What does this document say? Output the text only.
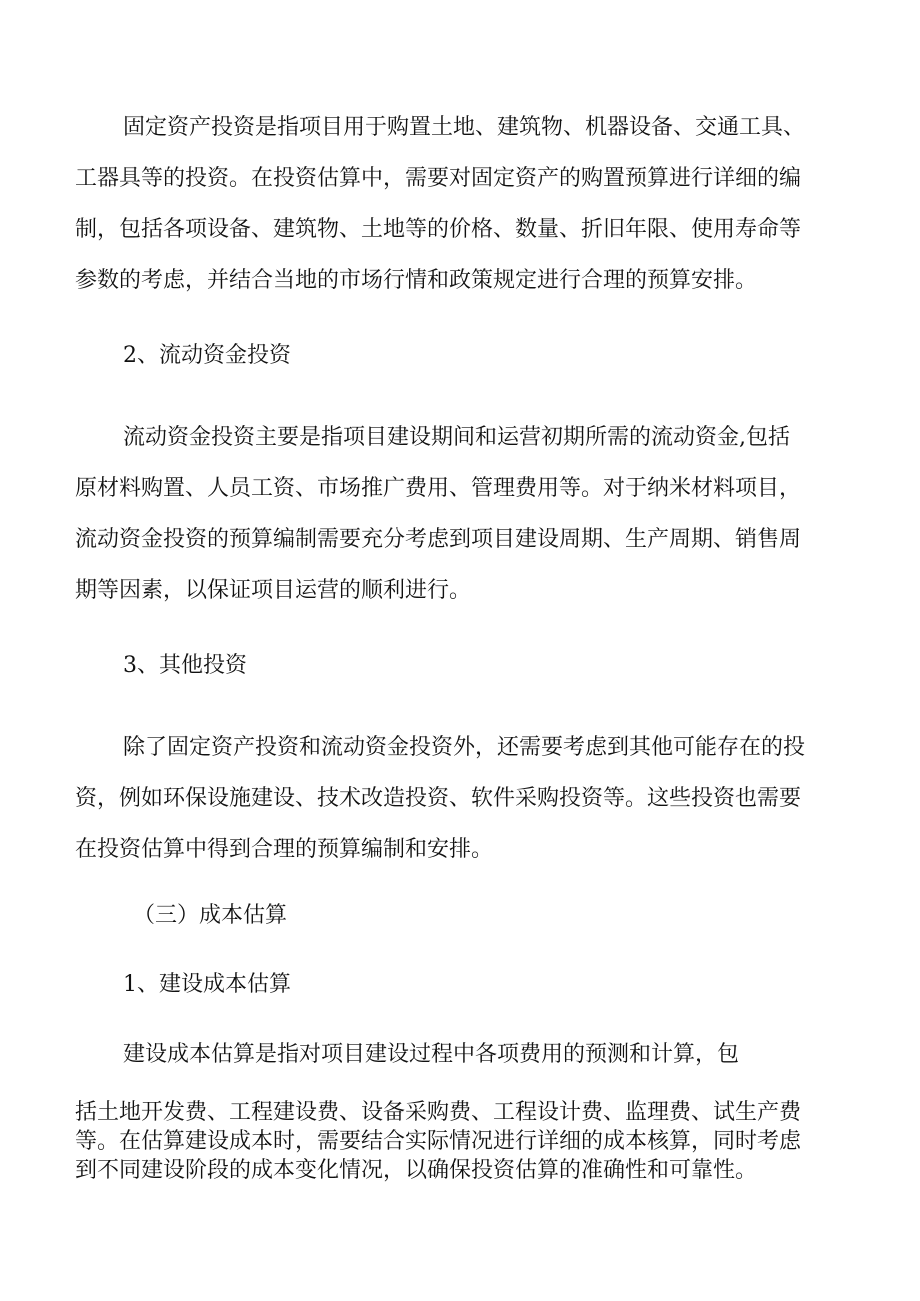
固定资产投资是指项目用于购置土地、建筑物、机器设备、交通工具、
工器具等的投资。在投资估算中，需要对固定资产的购置预算进行详细的编
制，包括各项设备、建筑物、土地等的价格、数量、折旧年限、使用寿命等
参数的考虑，并结合当地的市场行情和政策规定进行合理的预算安排。
2、流动资金投资
流动资金投资主要是指项目建设期间和运营初期所需的流动资金,包括
原材料购置、人员工资、市场推广费用、管理费用等。对于纳米材料项目，
流动资金投资的预算编制需要充分考虑到项目建设周期、生产周期、销售周
期等因素，以保证项目运营的顺利进行。
3、其他投资
除了固定资产投资和流动资金投资外，还需要考虑到其他可能存在的投
资，例如环保设施建设、技术改造投资、软件采购投资等。这些投资也需要
在投资估算中得到合理的预算编制和安排。
（三）成本估算
1、建设成本估算
建设成本估算是指对项目建设过程中各项费用的预测和计算，包
括土地开发费、工程建设费、设备采购费、工程设计费、监理费、试生产费
等。在估算建设成本时，需要结合实际情况进行详细的成本核算，同时考虑
到不同建设阶段的成本变化情况，以确保投资估算的准确性和可靠性。
